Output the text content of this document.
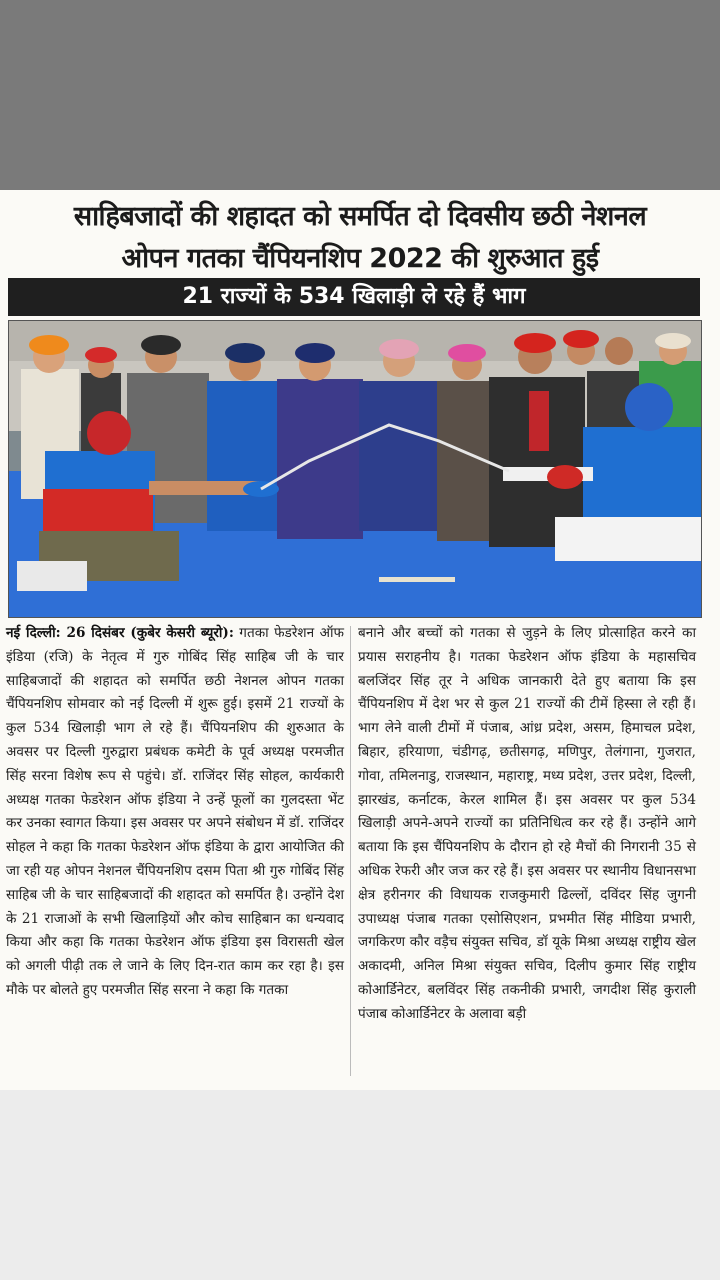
साहिबजादों की शहादत को समर्पित दो दिवसीय छठी नेशनल
ओपन गतका चैंपियनशिप 2022 की शुरुआत हुई
21 राज्यों के 534 खिलाड़ी ले रहे हैं भाग
नई दिल्ली: 26 दिसंबर (कुबेर केसरी ब्यूरो): गतका फेडरेशन ऑफ इंडिया (रजि) के नेतृत्व में गुरु गोबिंद सिंह साहिब जी के चार साहिबजादों की शहादत को समर्पित छठी नेशनल ओपन गतका चैंपियनशिप सोमवार को नई दिल्ली में शुरू हुई। इसमें 21 राज्यों के कुल 534 खिलाड़ी भाग ले रहे हैं। चैंपियनशिप की शुरुआत के अवसर पर दिल्ली गुरुद्वारा प्रबंधक कमेटी के पूर्व अध्यक्ष परमजीत सिंह सरना विशेष रूप से पहुंचे। डॉ. राजिंदर सिंह सोहल, कार्यकारी अध्यक्ष गतका फेडरेशन ऑफ इंडिया ने उन्हें फूलों का गुलदस्ता भेंट कर उनका स्वागत किया। इस अवसर पर अपने संबोधन में डॉ. राजिंदर सोहल ने कहा कि गतका फेडरेशन ऑफ इंडिया के द्वारा आयोजित की जा रही यह ओपन नेशनल चैंपियनशिप दसम पिता श्री गुरु गोबिंद सिंह साहिब जी के चार साहिबजादों की शहादत को समर्पित है। उन्होंने देश के 21 राजाओं के सभी खिलाड़ियों और कोच साहिबान का धन्यवाद किया और कहा कि गतका फेडरेशन ऑफ इंडिया इस विरासती खेल को अगली पीढ़ी तक ले जाने के लिए दिन-रात काम कर रहा है। इस मौके पर बोलते हुए परमजीत सिंह सरना ने कहा कि गतका
बनाने और बच्चों को गतका से जुड़ने के लिए प्रोत्साहित करने का प्रयास सराहनीय है। गतका फेडरेशन ऑफ इंडिया के महासचिव बलजिंदर सिंह तूर ने अधिक जानकारी देते हुए बताया कि इस चैंपियनशिप में देश भर से कुल 21 राज्यों की टीमें हिस्सा ले रही हैं। भाग लेने वाली टीमों में पंजाब, आंध्र प्रदेश, असम, हिमाचल प्रदेश, बिहार, हरियाणा, चंडीगढ़, छतीसगढ़, मणिपुर, तेलंगाना, गुजरात, गोवा, तमिलनाडु, राजस्थान, महाराष्ट्र, मध्य प्रदेश, उत्तर प्रदेश, दिल्ली, झारखंड, कर्नाटक, केरल शामिल हैं। इस अवसर पर कुल 534 खिलाड़ी अपने-अपने राज्यों का प्रतिनिधित्व कर रहे हैं। उन्होंने आगे बताया कि इस चैंपियनशिप के दौरान हो रहे मैचों की निगरानी 35 से अधिक रेफरी और जज कर रहे हैं। इस अवसर पर स्थानीय विधानसभा क्षेत्र हरीनगर की विधायक राजकुमारी ढिल्लों, दविंदर सिंह जुगनी उपाध्यक्ष पंजाब गतका एसोसिएशन, प्रभमीत सिंह मीडिया प्रभारी, जगकिरण कौर वड़ैच संयुक्त सचिव, डॉ यूके मिश्रा अध्यक्ष राष्ट्रीय खेल अकादमी, अनिल मिश्रा संयुक्त सचिव, दिलीप कुमार सिंह राष्ट्रीय कोआर्डिनेटर, बलविंदर सिंह तकनीकी प्रभारी, जगदीश सिंह कुराली पंजाब कोआर्डिनेटर के अलावा बड़ी
